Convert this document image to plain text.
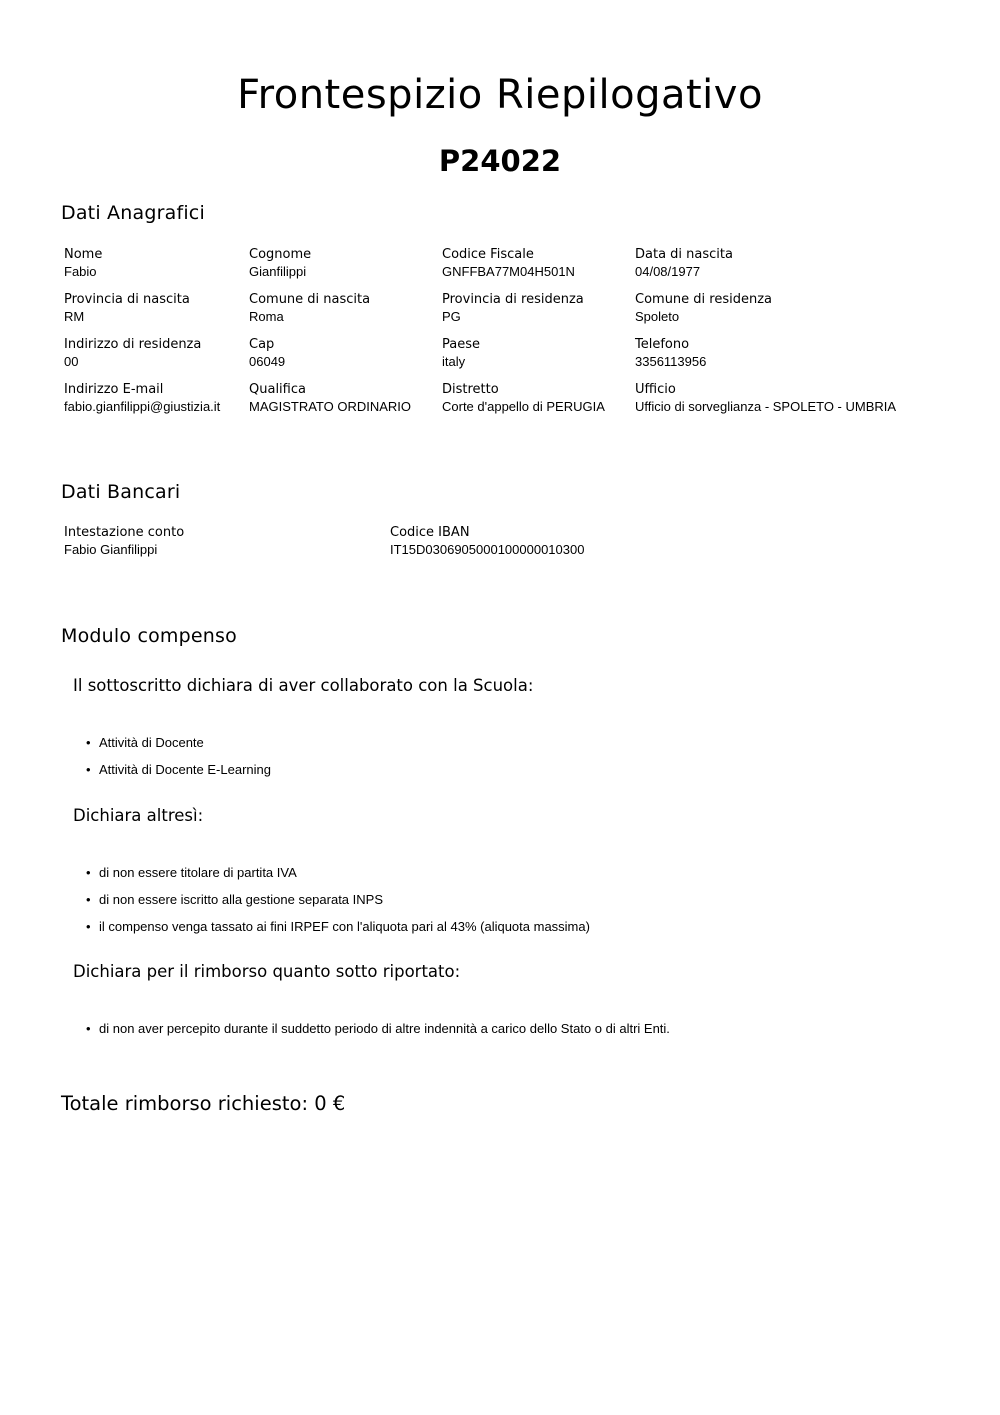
Frontespizio Riepilogativo
P24022
Dati Anagrafici
Nome
Fabio
Cognome
Gianfilippi
Codice Fiscale
GNFFBA77M04H501N
Data di nascita
04/08/1977
Provincia di nascita
RM
Comune di nascita
Roma
Provincia di residenza
PG
Comune di residenza
Spoleto
Indirizzo di residenza
00
Cap
06049
Paese
italy
Telefono
3356113956
Indirizzo E-mail
fabio.gianfilippi@giustizia.it
Qualifica
MAGISTRATO ORDINARIO
Distretto
Corte d'appello di PERUGIA
Ufficio
Ufficio di sorveglianza - SPOLETO - UMBRIA
Dati Bancari
Intestazione conto
Fabio Gianfilippi
Codice IBAN
IT15D0306905000100000010300
Modulo compenso
Il sottoscritto dichiara di aver collaborato con la Scuola:
• Attività di Docente
• Attività di Docente E-Learning
Dichiara altresì:
• di non essere titolare di partita IVA
• di non essere iscritto alla gestione separata INPS
• il compenso venga tassato ai fini IRPEF con l'aliquota pari al 43% (aliquota massima)
Dichiara per il rimborso quanto sotto riportato:
• di non aver percepito durante il suddetto periodo di altre indennità a carico dello Stato o di altri Enti.
Totale rimborso richiesto: 0 €
